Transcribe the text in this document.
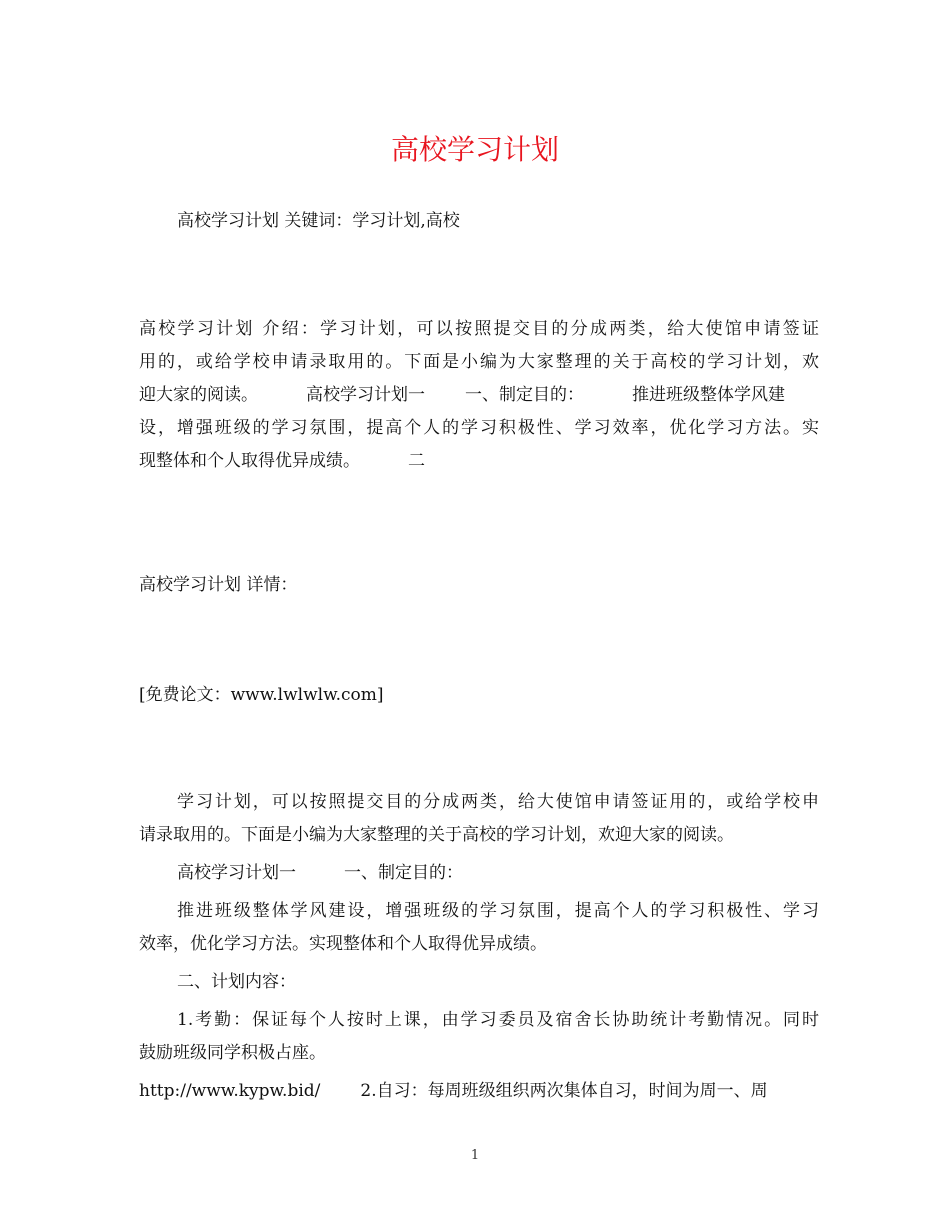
高校学习计划
高校学习计划 关键词：学习计划,高校
高校学习计划 介绍：学习计划，可以按照提交目的分成两类，给大使馆申请签证
用的，或给学校申请录取用的。下面是小编为大家整理的关于高校的学习计划，欢
迎大家的阅读。	高校学习计划一 一、制定目的：	推进班级整体学风建
设，增强班级的学习氛围，提高个人的学习积极性、学习效率，优化学习方法。实
现整体和个人取得优异成绩。	二
高校学习计划 详情：
[免费论文：www.lwlwlw.com]
学习计划，可以按照提交目的分成两类，给大使馆申请签证用的，或给学校申
请录取用的。下面是小编为大家整理的关于高校的学习计划，欢迎大家的阅读。
高校学习计划一	一、制定目的：
推进班级整体学风建设，增强班级的学习氛围，提高个人的学习积极性、学习
效率，优化学习方法。实现整体和个人取得优异成绩。
二、计划内容：
1.考勤：保证每个人按时上课，由学习委员及宿舍长协助统计考勤情况。同时
鼓励班级同学积极占座。
http://www.kypw.bid/ 2.自习：每周班级组织两次集体自习，时间为周一、周
1
